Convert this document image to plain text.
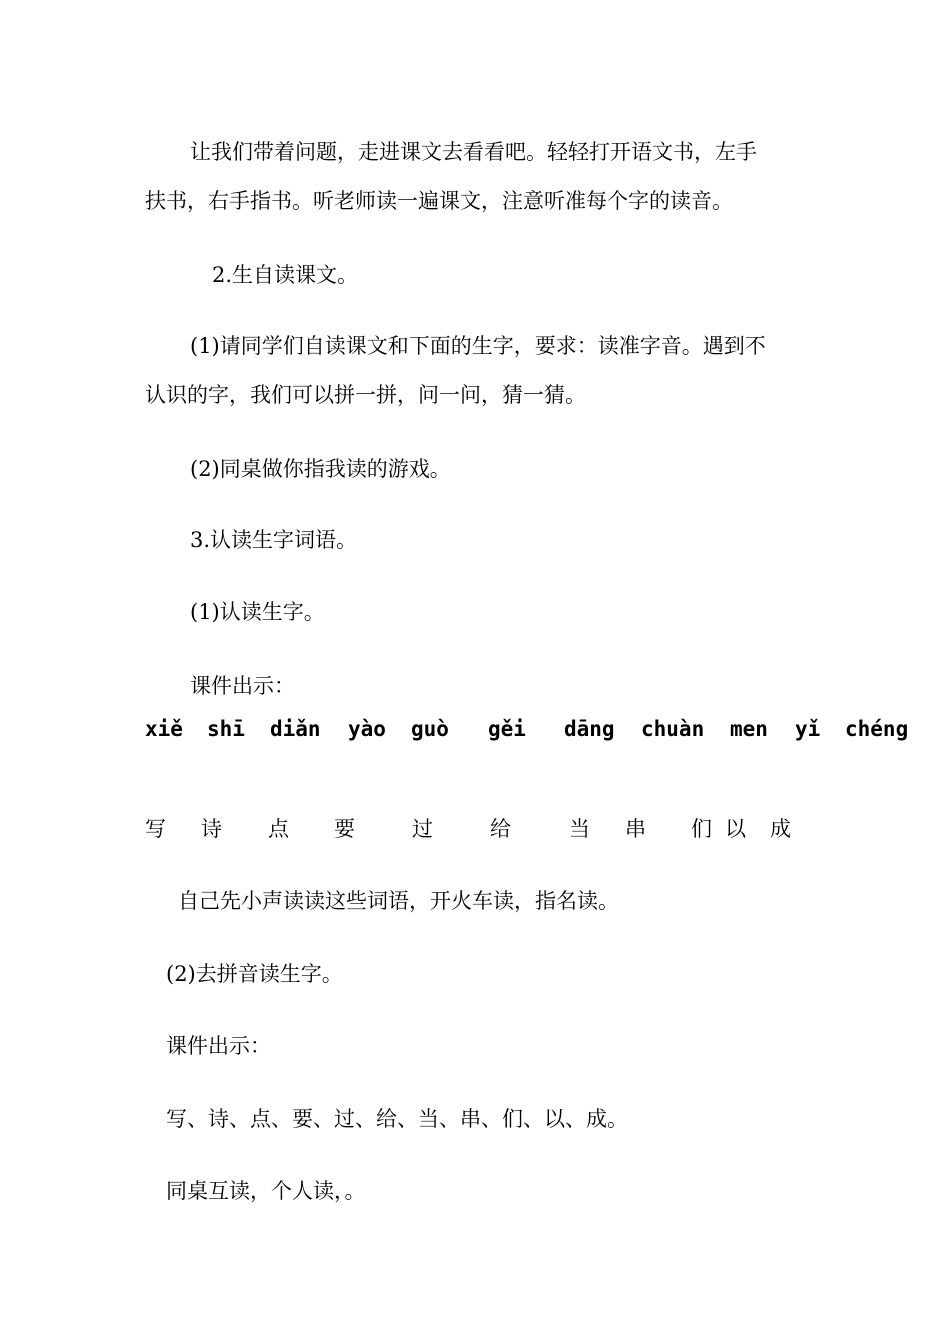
让我们带着问题，走进课文去看看吧。轻轻打开语文书，左手
扶书，右手指书。听老师读一遍课文，注意听准每个字的读音。
2.生自读课文。
(1)请同学们自读课文和下面的生字，要求：读准字音。遇到不
认识的字，我们可以拼一拼，问一问，猜一猜。
(2)同桌做你指我读的游戏。
3.认读生字词语。
(1)认读生字。
课件出示：
xiě shī diǎn yào guò gěi dāng chuàn men yǐ chéng
写 诗 点 要	过	给	当 串 们 以 成
自己先小声读读这些词语，开火车读，指名读。
(2)去拼音读生字。
课件出示：
写、诗、点、要、过、给、当、串、们、以、成。
同桌互读，个人读，。
